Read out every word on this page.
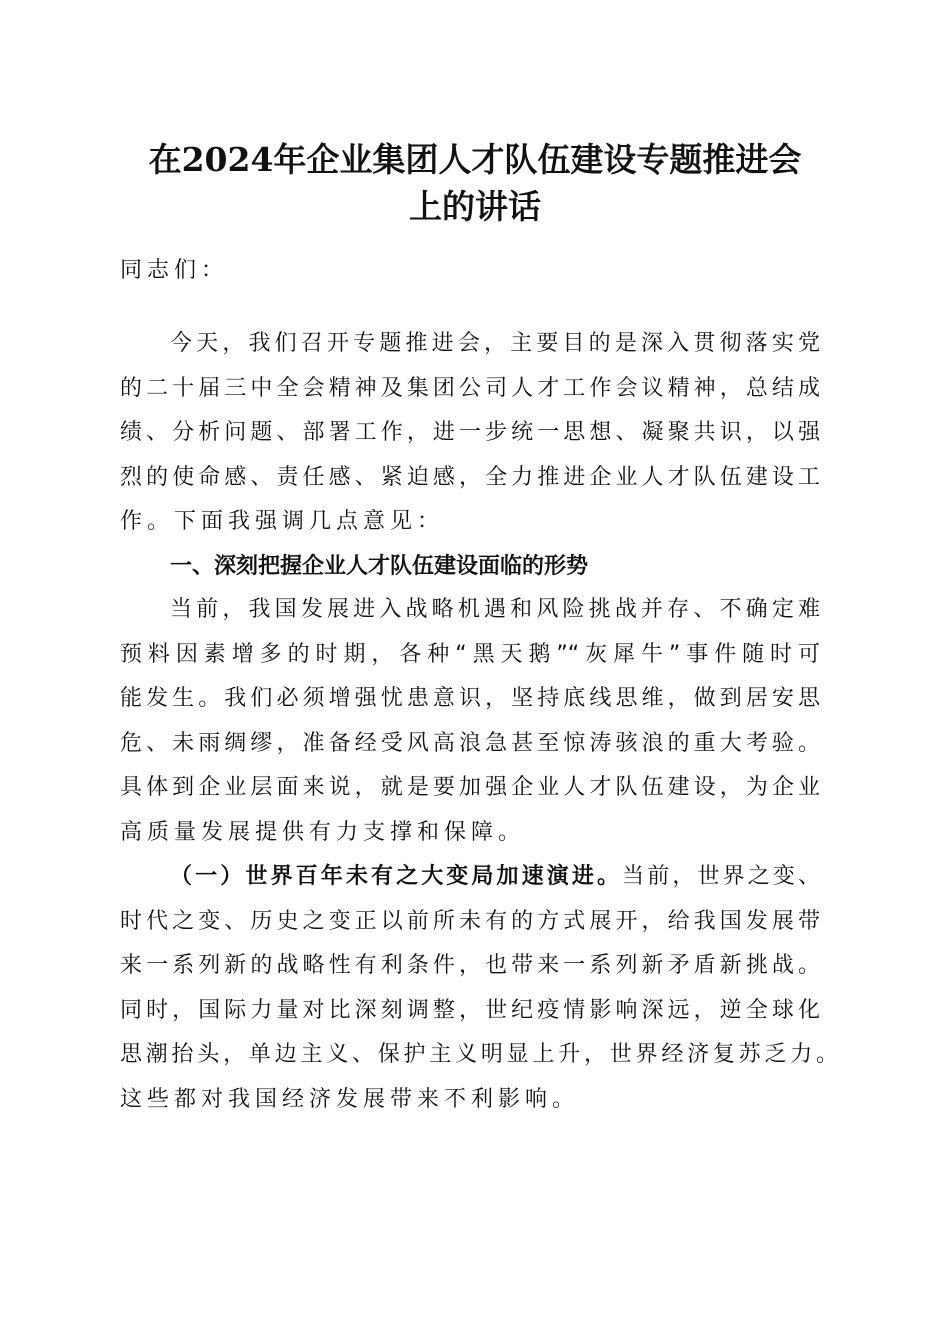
在2024年企业集团人才队伍建设专题推进会
上的讲话
同志们：
今天，我们召开专题推进会，主要目的是深入贯彻落实党
的二十届三中全会精神及集团公司人才工作会议精神，总结成
绩、分析问题、部署工作，进一步统一思想、凝聚共识，以强
烈的使命感、责任感、紧迫感，全力推进企业人才队伍建设工
作。下面我强调几点意见：
一、深刻把握企业人才队伍建设面临的形势
当前，我国发展进入战略机遇和风险挑战并存、不确定难
预料因素增多的时期，各种“黑天鹅”“灰犀牛”事件随时可
能发生。我们必须增强忧患意识，坚持底线思维，做到居安思
危、未雨绸缪，准备经受风高浪急甚至惊涛骇浪的重大考验。
具体到企业层面来说，就是要加强企业人才队伍建设，为企业
高质量发展提供有力支撑和保障。
（一）世界百年未有之大变局加速演进。当前，世界之变、
时代之变、历史之变正以前所未有的方式展开，给我国发展带
来一系列新的战略性有利条件，也带来一系列新矛盾新挑战。
同时，国际力量对比深刻调整，世纪疫情影响深远，逆全球化
思潮抬头，单边主义、保护主义明显上升，世界经济复苏乏力。
这些都对我国经济发展带来不利影响。
